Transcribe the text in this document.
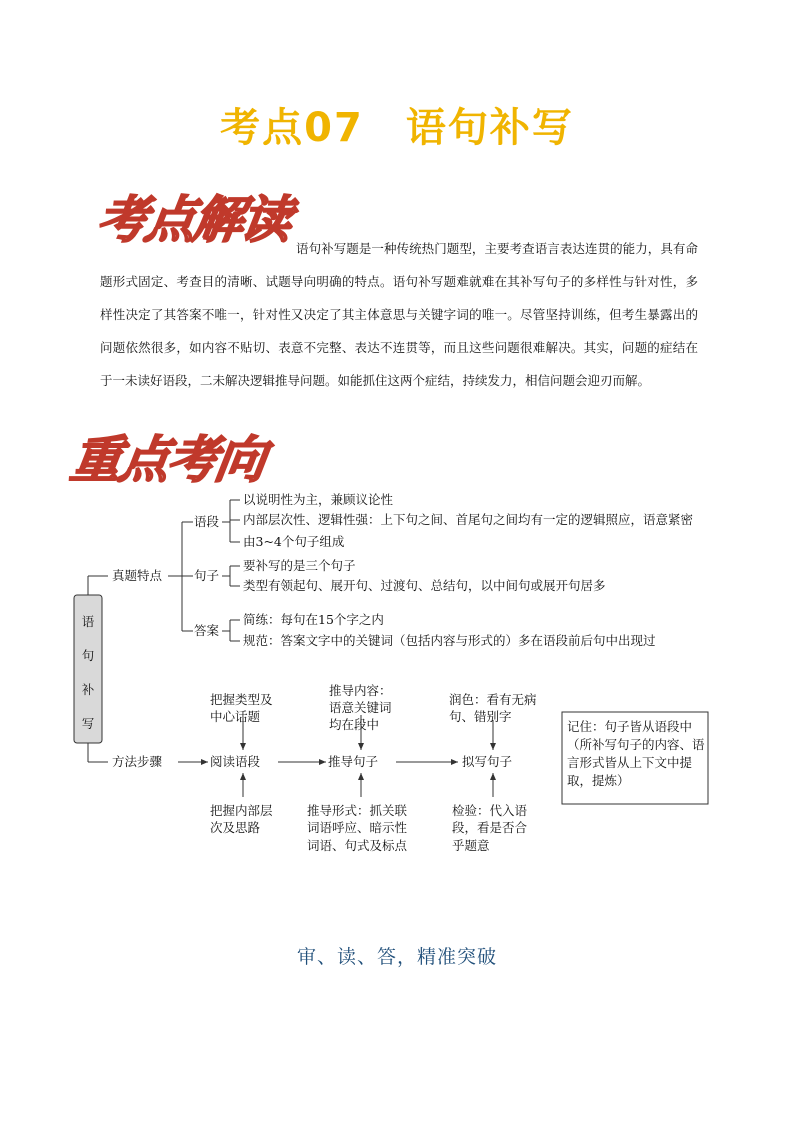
考点07　语句补写
考点解读 语句补写题是一种传统热门题型，主要考查语言表达连贯的能力，具有命题形式固定、考查目的清晰、试题导向明确的特点。语句补写题难就难在其补写句子的多样性与针对性，多样性决定了其答案不唯一，针对性又决定了其主体意思与关键字词的唯一。尽管坚持训练，但考生暴露出的问题依然很多，如内容不贴切、表意不完整、表达不连贯等，而且这些问题很难解决。其实，问题的症结在于一未读好语段，二未解决逻辑推导问题。如能抓住这两个症结，持续发力，相信问题会迎刃而解。
重点考向
语
句
补
写
真题特点
方法步骤
语段
以说明性为主，兼顾议论性
内部层次性、逻辑性强：上下句之间、首尾句之间均有一定的逻辑照应，语意紧密
由3~4个句子组成
句子
要补写的是三个句子
类型有领起句、展开句、过渡句、总结句，以中间句或展开句居多
答案
简练：每句在15个字之内
规范：答案文字中的关键词（包括内容与形式的）多在语段前后句中出现过
阅读语段	推导句子	拟写句子
把握类型及
中心话题
推导内容：
语意关键词
均在段中
润色：看有无病
句、错别字
把握内部层
次及思路
推导形式：抓关联
词语呼应、暗示性
词语、句式及标点
检验：代入语
段，看是否合
乎题意
记住：句子皆从语段中
（所补写句子的内容、语
言形式皆从上下文中提
取，提炼）
审、读、答，精准突破
